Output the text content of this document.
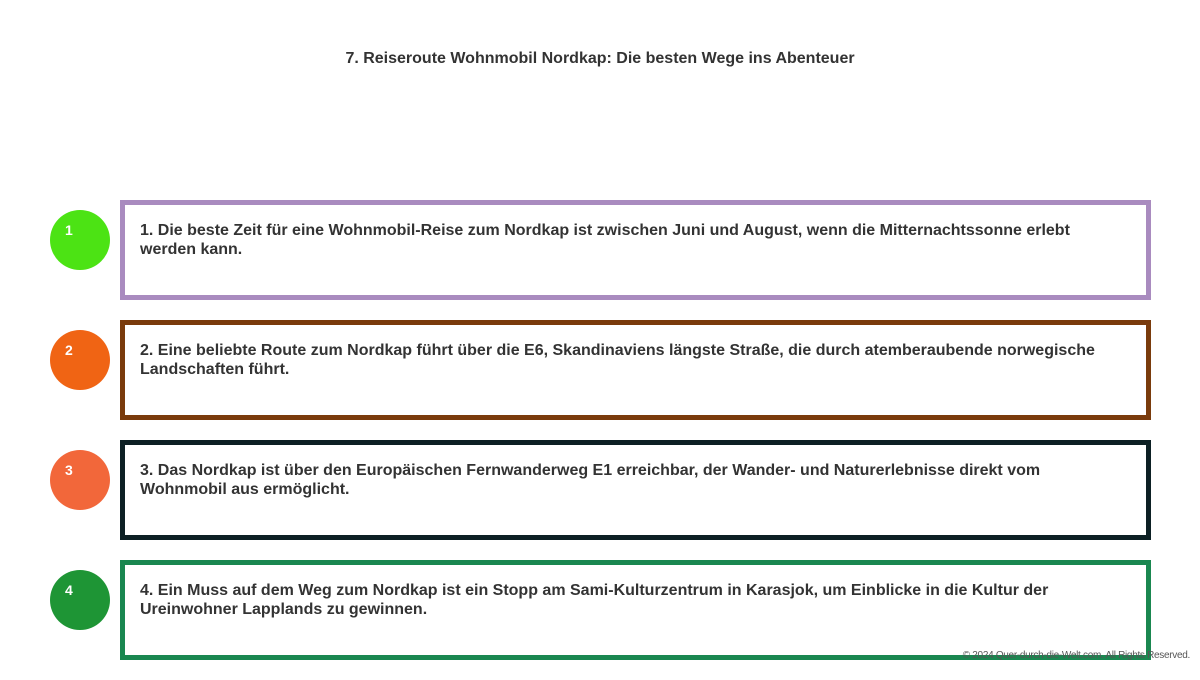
7. Reiseroute Wohnmobil Nordkap: Die besten Wege ins Abenteuer
1	1. Die beste Zeit für eine Wohnmobil-Reise zum Nordkap ist zwischen Juni und August, wenn die Mitternachtssonne erlebt werden kann.
2	2. Eine beliebte Route zum Nordkap führt über die E6, Skandinaviens längste Straße, die durch atemberaubende norwegische Landschaften führt.
3	3. Das Nordkap ist über den Europäischen Fernwanderweg E1 erreichbar, der Wander- und Naturerlebnisse direkt vom Wohnmobil aus ermöglicht.
4	4. Ein Muss auf dem Weg zum Nordkap ist ein Stopp am Sami-Kulturzentrum in Karasjok, um Einblicke in die Kultur der Ureinwohner Lapplands zu gewinnen.
© 2024 Quer-durch-die-Welt.com. All Rights Reserved.
